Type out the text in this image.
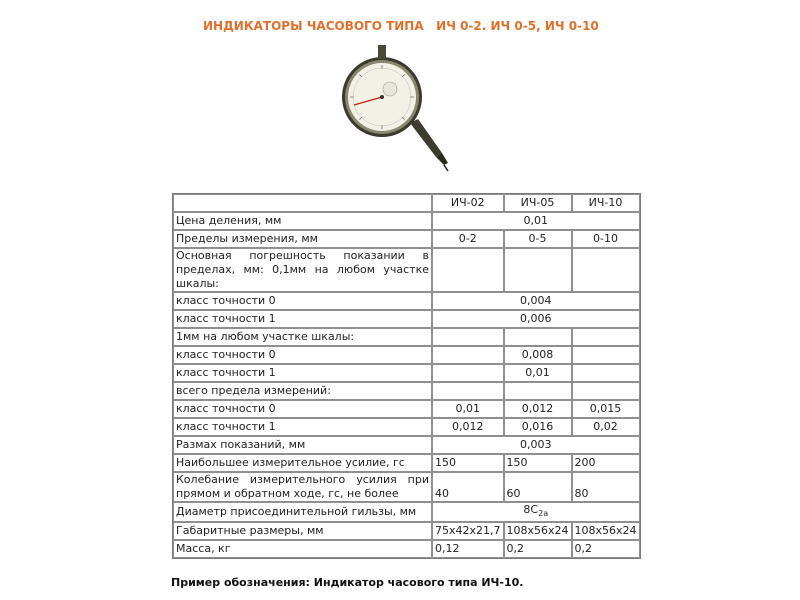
ИНДИКАТОРЫ ЧАСОВОГО ТИПА   ИЧ 0-2. ИЧ 0-5, ИЧ 0-10
	ИЧ-02	ИЧ-05	ИЧ-10
Цена деления, мм	0,01		
Пределы измерения, мм	0-2	0-5	0-10
Основная погрешность показании в пределах, мм: 0,1мм на любом участке шкалы:			
класс точности 0	0,004		
класс точности 1	0,006		
1мм на любом участке шкалы:			
класс точности 0		0,008	
класс точности 1		0,01	
всего предела измерений:			
класс точности 0	0,01	0,012	0,015
класс точности 1	0,012	0,016	0,02
Размах показаний, мм	0,003		
Наибольшее измерительное усилие, гс	150	150	200
Колебание измерительного усилия при прямом и обратном ходе, гс, не более	40	60	80
Диаметр присоединительной гильзы, мм	$8C_{2a}$
Габаритные размеры, мм	75x42x21,7	108x56x24	108x56x24
Масса, кг	0,12	0,2	0,2
Пример обозначения: Индикатор часового типа ИЧ-10.
